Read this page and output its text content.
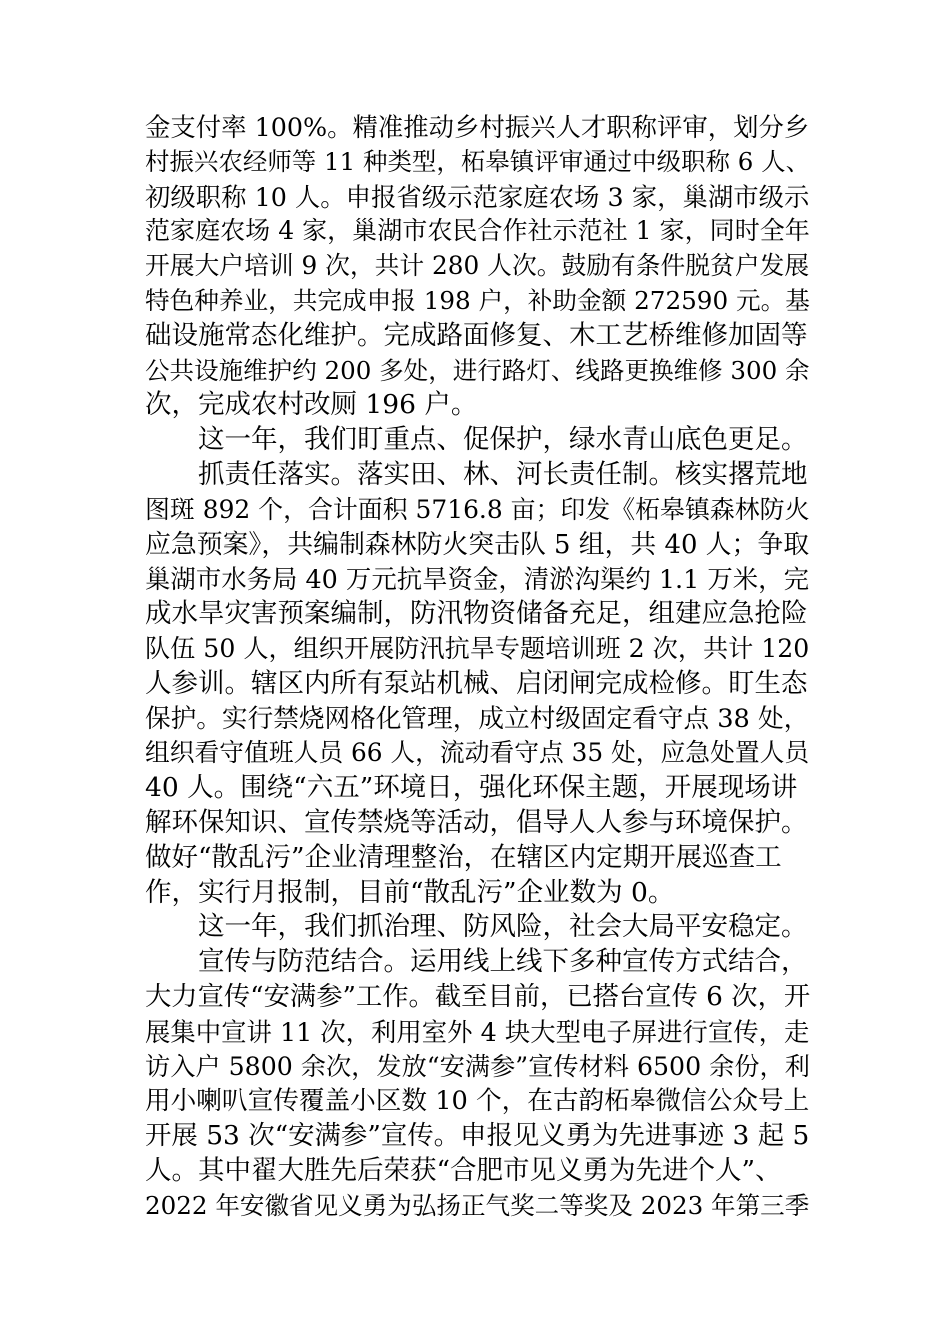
金支付率 100%。精准推动乡村振兴人才职称评审，划分乡
村振兴农经师等 11 种类型，柘皋镇评审通过中级职称 6 人、
初级职称 10 人。申报省级示范家庭农场 3 家，巢湖市级示
范家庭农场 4 家，巢湖市农民合作社示范社 1 家，同时全年
开展大户培训 9 次，共计 280 人次。鼓励有条件脱贫户发展
特色种养业，共完成申报 198 户，补助金额 272590 元。基
础设施常态化维护。完成路面修复、木工艺桥维修加固等
公共设施维护约 200 多处，进行路灯、线路更换维修 300 余
次，完成农村改厕 196 户。
这一年，我们盯重点、促保护，绿水青山底色更足。
抓责任落实。落实田、林、河长责任制。核实撂荒地
图斑 892 个，合计面积 5716.8 亩；印发《柘皋镇森林防火
应急预案》，共编制森林防火突击队 5 组，共 40 人；争取
巢湖市水务局 40 万元抗旱资金，清淤沟渠约 1.1 万米，完
成水旱灾害预案编制，防汛物资储备充足，组建应急抢险
队伍 50 人，组织开展防汛抗旱专题培训班 2 次，共计 120
人参训。辖区内所有泵站机械、启闭闸完成检修。盯生态
保护。实行禁烧网格化管理，成立村级固定看守点 38 处，
组织看守值班人员 66 人，流动看守点 35 处，应急处置人员
40 人。围绕“六五”环境日，强化环保主题，开展现场讲
解环保知识、宣传禁烧等活动，倡导人人参与环境保护。
做好“散乱污”企业清理整治，在辖区内定期开展巡查工
作，实行月报制，目前“散乱污”企业数为 0。
这一年，我们抓治理、防风险，社会大局平安稳定。
宣传与防范结合。运用线上线下多种宣传方式结合，
大力宣传“安满参”工作。截至目前，已搭台宣传 6 次，开
展集中宣讲 11 次，利用室外 4 块大型电子屏进行宣传，走
访入户 5800 余次，发放“安满参”宣传材料 6500 余份，利
用小喇叭宣传覆盖小区数 10 个，在古韵柘皋微信公众号上
开展 53 次“安满参”宣传。申报见义勇为先进事迹 3 起 5
人。其中翟大胜先后荣获“合肥市见义勇为先进个人”、
2022 年安徽省见义勇为弘扬正气奖二等奖及 2023 年第三季
